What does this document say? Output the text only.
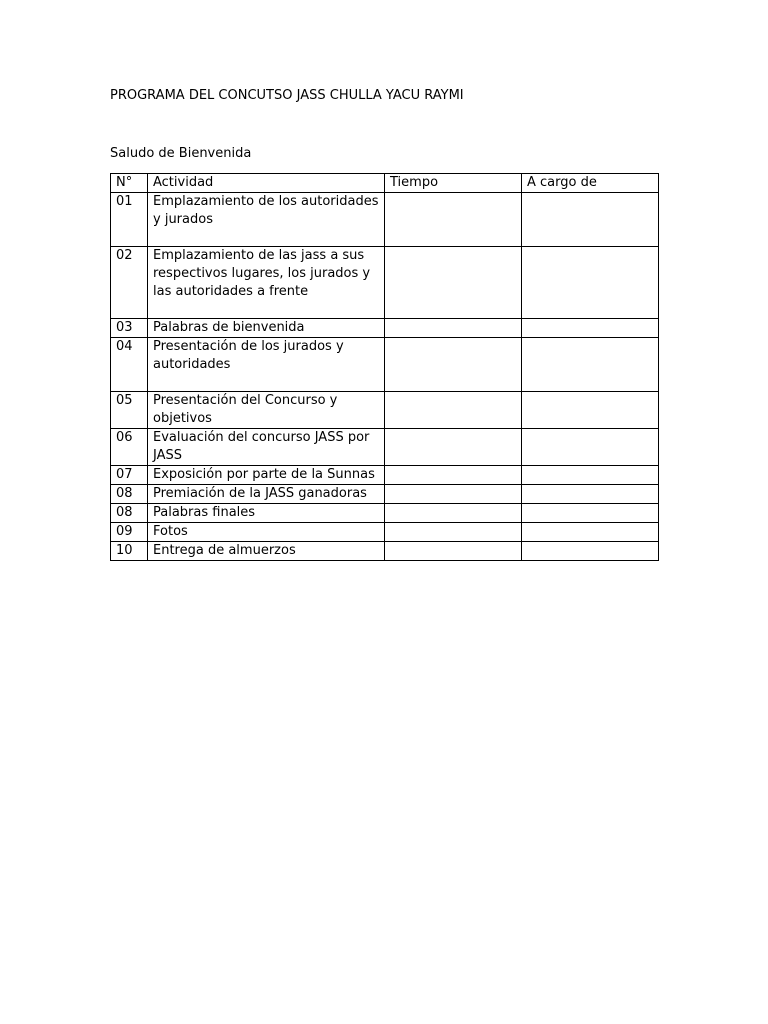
PROGRAMA DEL CONCUTSO JASS CHULLA YACU RAYMI
Saludo de Bienvenida
N°	Actividad	Tiempo	A cargo de
01	Emplazamiento de los autoridades y jurados		
02	Emplazamiento de las jass a sus respectivos lugares, los jurados y las autoridades a frente		
03	Palabras de bienvenida		
04	Presentación de los jurados y autoridades		
05	Presentación del Concurso y objetivos		
06	Evaluación del concurso JASS por JASS		
07	Exposición por parte de la Sunnas		
08	Premiación de la JASS ganadoras		
08	Palabras finales		
09	Fotos		
10	Entrega de almuerzos		
